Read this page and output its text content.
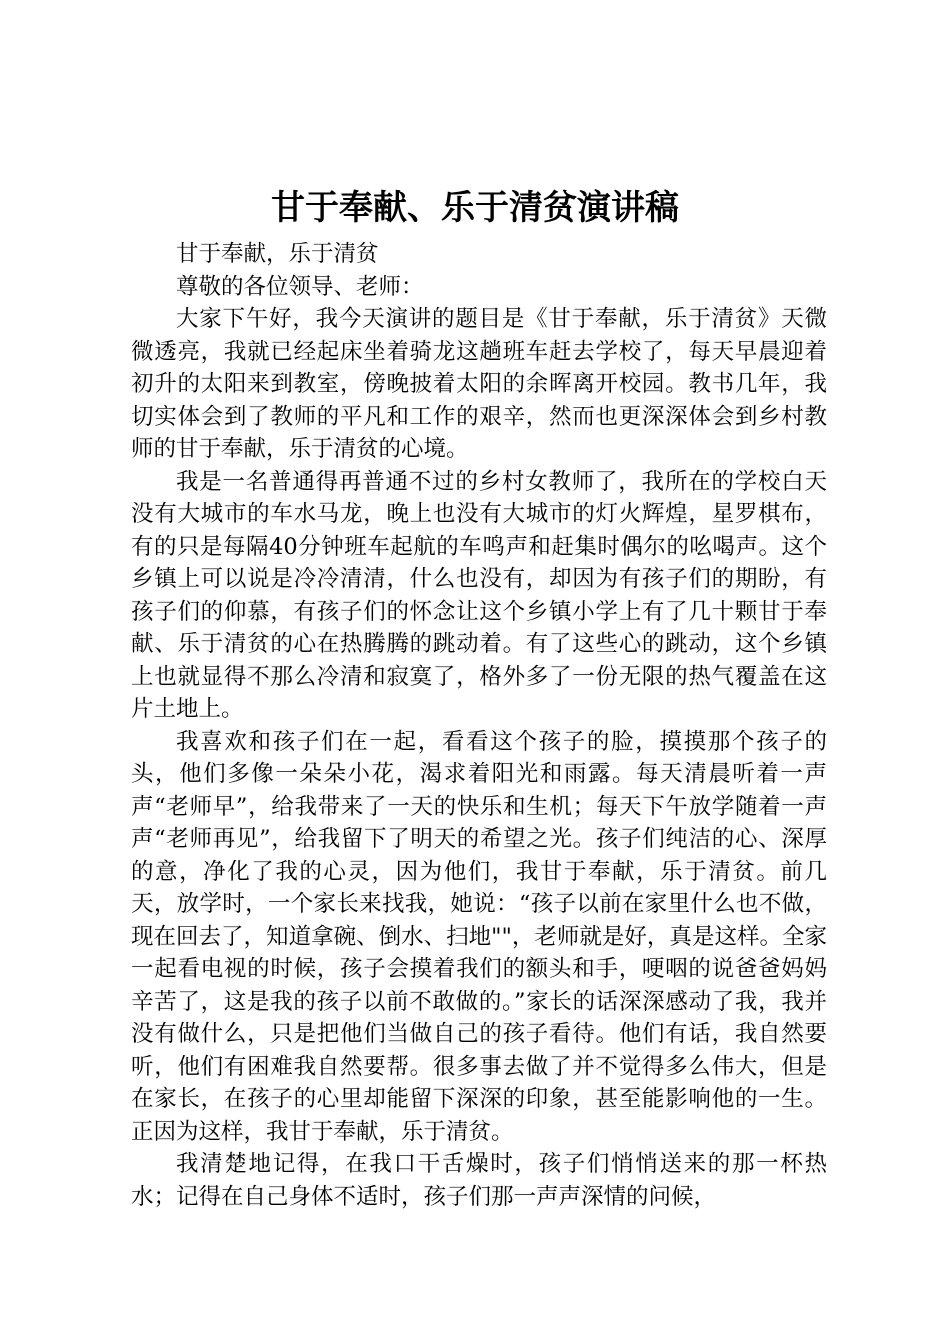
甘于奉献、乐于清贫演讲稿

甘于奉献，乐于清贫

尊敬的各位领导、老师：

大家下午好，我今天演讲的题目是《甘于奉献，乐于清贫》天微微透亮，我就已经起床坐着骑龙这趟班车赶去学校了，每天早晨迎着初升的太阳来到教室，傍晚披着太阳的余晖离开校园。教书几年，我切实体会到了教师的平凡和工作的艰辛，然而也更深深体会到乡村教师的甘于奉献，乐于清贫的心境。

我是一名普通得再普通不过的乡村女教师了，我所在的学校白天没有大城市的车水马龙，晚上也没有大城市的灯火辉煌，星罗棋布，有的只是每隔40分钟班车起航的车鸣声和赶集时偶尔的吆喝声。这个乡镇上可以说是冷冷清清，什么也没有，却因为有孩子们的期盼，有孩子们的仰慕，有孩子们的怀念让这个乡镇小学上有了几十颗甘于奉献、乐于清贫的心在热腾腾的跳动着。有了这些心的跳动，这个乡镇上也就显得不那么冷清和寂寞了，格外多了一份无限的热气覆盖在这片土地上。

我喜欢和孩子们在一起，看看这个孩子的脸，摸摸那个孩子的头，他们多像一朵朵小花，渴求着阳光和雨露。每天清晨听着一声声“老师早”，给我带来了一天的快乐和生机；每天下午放学随着一声声“老师再见”，给我留下了明天的希望之光。孩子们纯洁的心、深厚的意，净化了我的心灵，因为他们，我甘于奉献，乐于清贫。前几天，放学时，一个家长来找我，她说：“孩子以前在家里什么也不做，现在回去了，知道拿碗、倒水、扫地""，老师就是好，真是这样。全家一起看电视的时候，孩子会摸着我们的额头和手，哽咽的说爸爸妈妈辛苦了，这是我的孩子以前不敢做的。”家长的话深深感动了我，我并没有做什么，只是把他们当做自己的孩子看待。他们有话，我自然要听，他们有困难我自然要帮。很多事去做了并不觉得多么伟大，但是在家长，在孩子的心里却能留下深深的印象，甚至能影响他的一生。正因为这样，我甘于奉献，乐于清贫。

我清楚地记得，在我口干舌燥时，孩子们悄悄送来的那一杯热水；记得在自己身体不适时，孩子们那一声声深情的问候，
